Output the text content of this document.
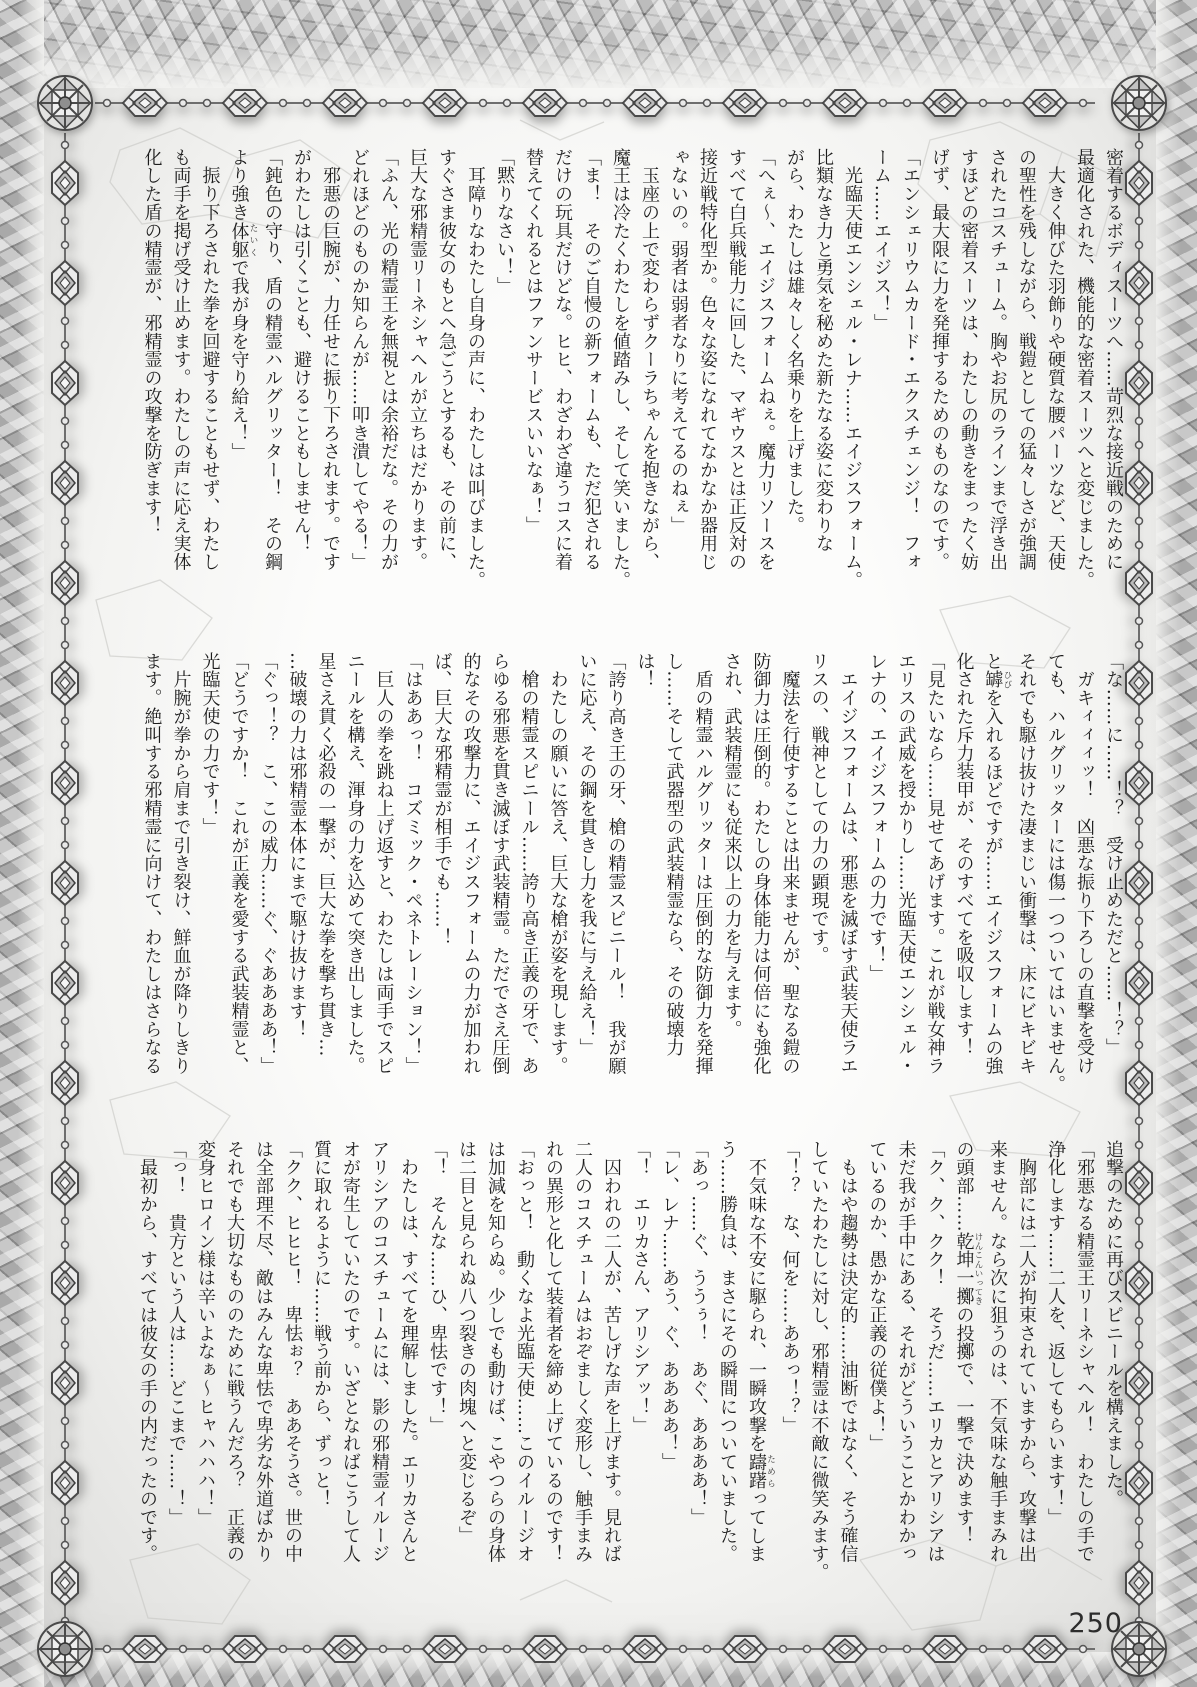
密着するボディスーツへ……苛烈な接近戦のために

最適化された、機能的な密着スーツへと変じました。

　大きく伸びた羽飾りや硬質な腰パーツなど、天使

の聖性を残しながら、戦鎧としての猛々しさが強調

されたコスチューム。胸やお尻のラインまで浮き出

すほどの密着スーツは、わたしの動きをまったく妨

げず、最大限に力を発揮するためのものなのです。

「エンシェリウムカード・エクスチェンジ！　フォ

ーム……エイジス！」

　光臨天使エンシェル・レナ……エイジスフォーム。

比類なき力と勇気を秘めた新たなる姿に変わりな

がら、わたしは雄々しく名乗りを上げました。

「へぇ〜、エイジスフォームねぇ。魔力リソースを

すべて白兵戦能力に回した、マギウスとは正反対の

接近戦特化型か。色々な姿になれてなかなか器用じ

ゃないの。弱者は弱者なりに考えてるのねぇ」

　玉座の上で変わらずクーラちゃんを抱きながら、

魔王は冷たくわたしを値踏みし、そして笑いました。

「ま！　そのご自慢の新フォームも、ただ犯される

だけの玩具だけどな。ヒヒ、わざわざ違うコスに着

替えてくれるとはファンサービスいいなぁ！」

「黙りなさい！」

　耳障りなわたし自身の声に、わたしは叫びました。

すぐさま彼女のもとへ急ごうとするも、その前に、

巨大な邪精霊リーネシャヘルが立ちはだかります。

「ふん、光の精霊王を無視とは余裕だな。その力が

どれほどのものか知らんが……叩き潰してやる！」

　邪悪の巨腕が、力任せに振り下ろされます。です

がわたしは引くことも、避けることもしません！

「鈍色の守り、盾の精霊ハルグリッター！　その鋼

より強き体躯たいくで我が身を守り給え！」

　振り下ろされた拳を回避することもせず、わたし

も両手を掲げ受け止めます。わたしの声に応え実体

化した盾の精霊が、邪精霊の攻撃を防ぎます！

「な……に……！？　受け止めただと……！？」

　ガキィィィッ！　凶悪な振り下ろしの直撃を受け

ても、ハルグリッターには傷一つついてはいません。

それでも駆け抜けた凄まじい衝撃は、床にビキビキ

と罅ひびを入れるほどですが……エイジスフォームの強

化された斥力装甲が、そのすべてを吸収します！

「見たいなら……見せてあげます。これが戦女神ラ

エリスの武威を授かりし……光臨天使エンシェル・

レナの、エイジスフォームの力です！」

　エイジスフォームは、邪悪を滅ぼす武装天使ラエ

リスの、戦神としての力の顕現です。

　魔法を行使することは出来ませんが、聖なる鎧の

防御力は圧倒的。わたしの身体能力は何倍にも強化

され、武装精霊にも従来以上の力を与えます。

　盾の精霊ハルグリッターは圧倒的な防御力を発揮

し……そして武器型の武装精霊なら、その破壊力

は！

「誇り高き王の牙、槍の精霊スピニール！　我が願

いに応え、その鋼を貫きし力を我に与え給え！」

　わたしの願いに答え、巨大な槍が姿を現します。

　槍の精霊スピニール……誇り高き正義の牙で、あ

らゆる邪悪を貫き滅ぼす武装精霊。ただでさえ圧倒

的なその攻撃力に、エイジスフォームの力が加われ

ば、巨大な邪精霊が相手でも……！

「はああっ！　コズミック・ペネトレーション！」

　巨人の拳を跳ね上げ返すと、わたしは両手でスピ

ニールを構え、渾身の力を込めて突き出しました。

星さえ貫く必殺の一撃が、巨大な拳を撃ち貫き…

…破壊の力は邪精霊本体にまで駆け抜けます！

「ぐっ！？　こ、この威力……ぐ、ぐああああ！」

「どうですか！　これが正義を愛する武装精霊と、

光臨天使の力です！」

　片腕が拳から肩まで引き裂け、鮮血が降りしきり

ます。絶叫する邪精霊に向けて、わたしはさらなる

追撃のために再びスピニールを構えました。

「邪悪なる精霊王リーネシャヘル！　わたしの手で

浄化します……二人を、返してもらいます！」

　胸部には二人が拘束されていますから、攻撃は出

来ません。なら次に狙うのは、不気味な触手まみれ

の頭部……乾坤一擲けんこんいってきの投擲で、一撃で決めます！

「ク、ク、クク！　そうだ……エリカとアリシアは

未だ我が手中にある、それがどういうことかわかっ

ているのか、愚かな正義の従僕よ！」

　もはや趨勢は決定的……油断ではなく、そう確信

していたわたしに対し、邪精霊は不敵に微笑みます。

「！？　な、何を……ああっ！？」

　不気味な不安に駆られ、一瞬攻撃を躊躇ためらってしま

う……勝負は、まさにその瞬間についていました。

「あっ……ぐ、ううぅ！　あぐ、ああああ！」

「レ、レナ……あう、ぐ、ああああ！」

「！　エリカさん、アリシアッ！」

　囚われの二人が、苦しげな声を上げます。見れば

二人のコスチュームはおぞましく変形し、触手まみ

れの異形と化して装着者を締め上げているのです！

「おっと！　動くなよ光臨天使……このイルージオ

は加減を知らぬ。少しでも動けば、こやつらの身体

は二目と見られぬ八つ裂きの肉塊へと変じるぞ」

「！　そんな……ひ、卑怯です！」

　わたしは、すべてを理解しました。エリカさんと

アリシアのコスチュームには、影の邪精霊イルージ

オが寄生していたのです。いざとなればこうして人

質に取れるように……戦う前から、ずっと！

「クク、ヒヒヒ！　卑怯ぉ？　ああそうさ。世の中

は全部理不尽、敵はみんな卑怯で卑劣な外道ばかり

それでも大切なもののために戦うんだろ？　正義の

変身ヒロイン様は辛いよなぁ〜ヒャハハハ！」

「っ！　貴方という人は……どこまで……！」

　最初から、すべては彼女の手の内だったのです。

250
